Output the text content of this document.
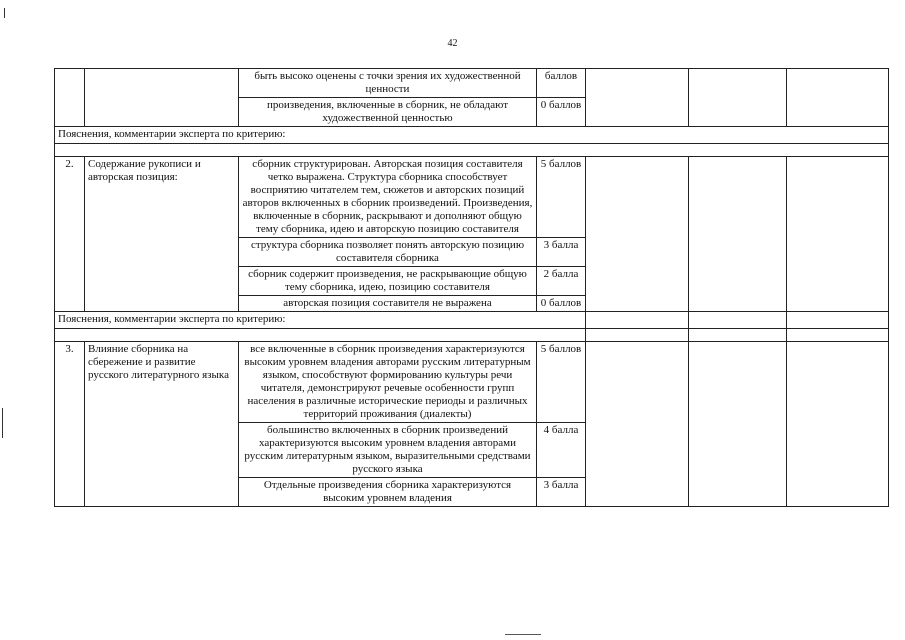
42
		быть высоко оценены с точки зрения их художественной ценности	баллов			
		произведения, включенные в сборник, не обладают художественной ценностью	0 баллов			
Пояснения, комментарии эксперта по критерию:						

2.	Содержание рукописи и авторская позиция:	сборник структурирован. Авторская позиция составителя четко выражена. Структура сборника способствует восприятию читателем тем, сюжетов и авторских позиций авторов включенных в сборник произведений. Произведения, включенные в сборник, раскрывают и дополняют общую тему сборника, идею и авторскую позицию составителя	5 баллов			
		структура сборника позволяет понять авторскую позицию составителя сборника	3 балла			
		сборник содержит произведения, не раскрывающие общую тему сборника, идею, позицию составителя	2 балла			
		авторская позиция составителя не выражена	0 баллов			
Пояснения, комментарии эксперта по критерию:						

3.	Влияние сборника на сбережение и развитие русского литературного языка	все включенные в сборник произведения характеризуются высоким уровнем владения авторами русским литературным языком, способствуют формированию культуры речи читателя, демонстрируют речевые особенности групп населения в различные исторические периоды и различных территорий проживания (диалекты)	5 баллов			
		большинство включенных в сборник произведений характеризуются высоким уровнем владения авторами русским литературным языком, выразительными средствами русского языка	4 балла			
		Отдельные произведения сборника характеризуются высоким уровнем владения	3 балла			
